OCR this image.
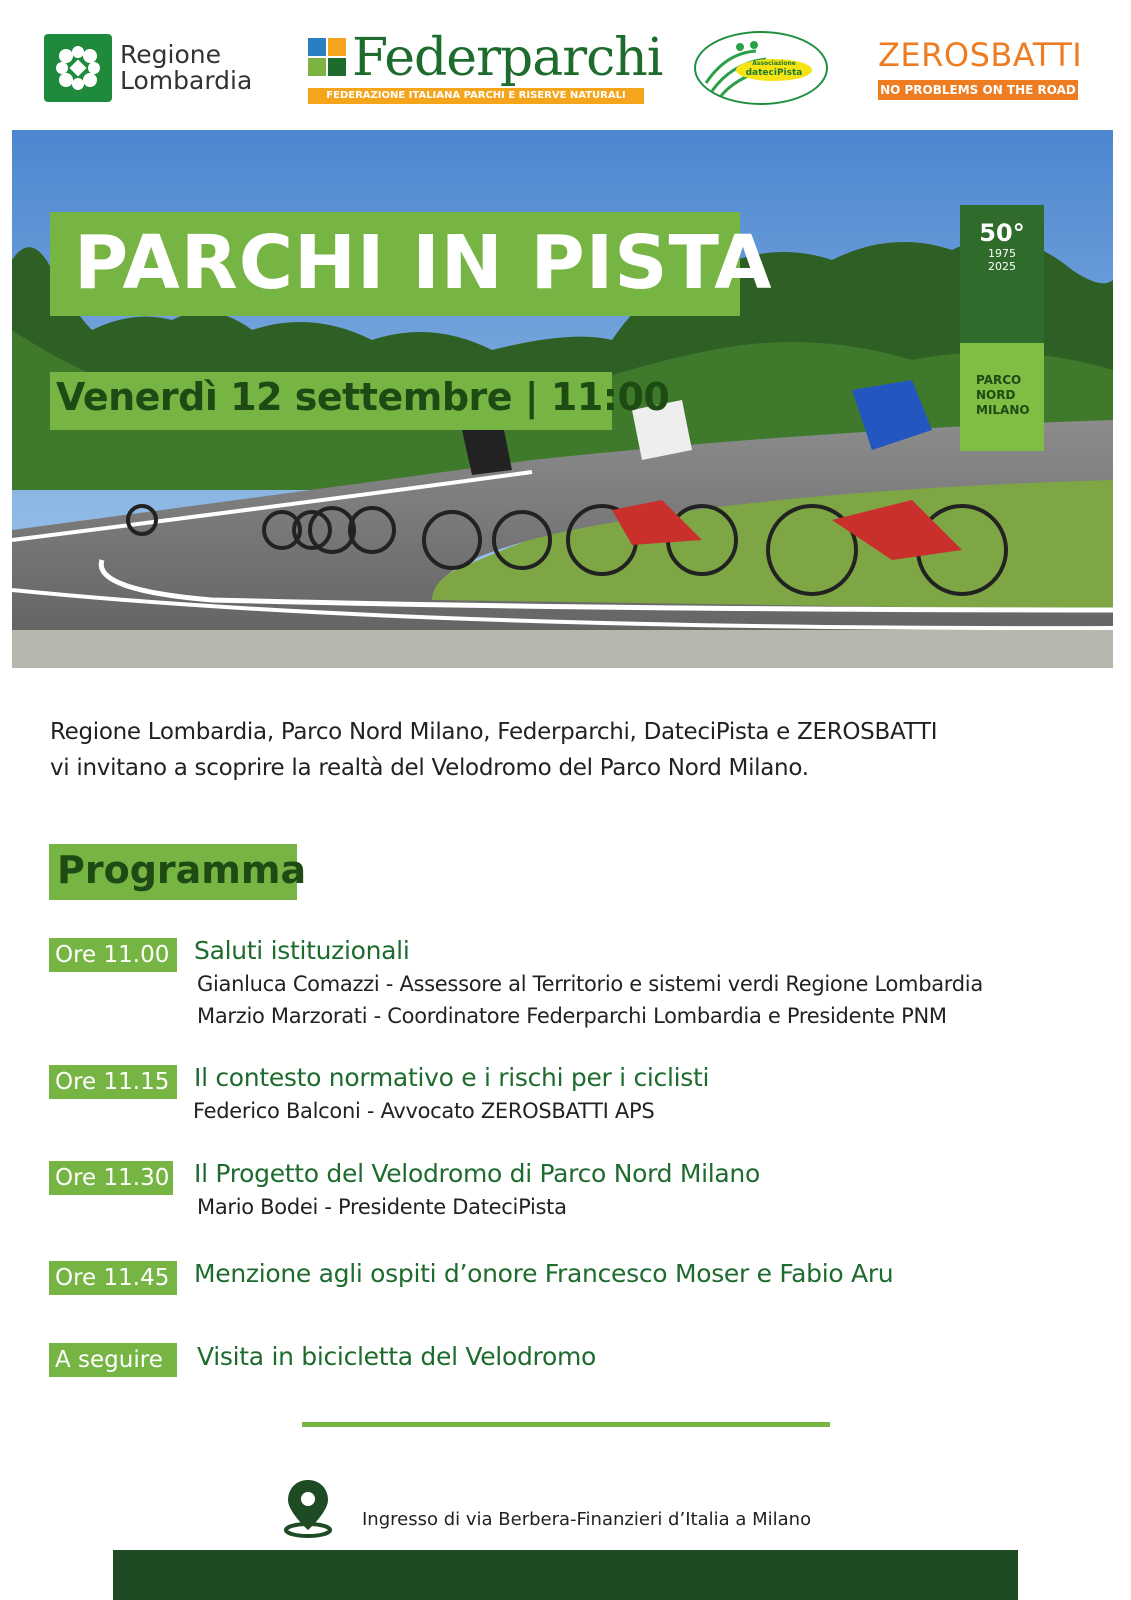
Regione
Lombardia Federparchi
FEDERAZIONE ITALIANA PARCHI E RISERVE NATURALI
Associazione
dateciPista	ZEROSBATTI
NO PROBLEMS ON THE ROAD
PARCHI IN PISTA
Venerdì 12 settembre | 11:00
50°
1975
2025
PARCO
NORD
MILANO
Regione Lombardia, Parco Nord Milano, Federparchi, DateciPista e ZEROSBATTI
vi invitano a scoprire la realtà del Velodromo del Parco Nord Milano.
Programma
Ore 11.00 Saluti istituzionali
Gianluca Comazzi - Assessore al Territorio e sistemi verdi Regione Lombardia
Marzio Marzorati - Coordinatore Federparchi Lombardia e Presidente PNM
Ore 11.15 Il contesto normativo e i rischi per i ciclisti
Federico Balconi - Avvocato ZEROSBATTI APS
Ore 11.30 Il Progetto del Velodromo di Parco Nord Milano
Mario Bodei - Presidente DateciPista
Ore 11.45 Menzione agli ospiti d’onore Francesco Moser e Fabio Aru
A seguire	Visita in bicicletta del Velodromo
Ingresso di via Berbera-Finanzieri d’Italia a Milano
